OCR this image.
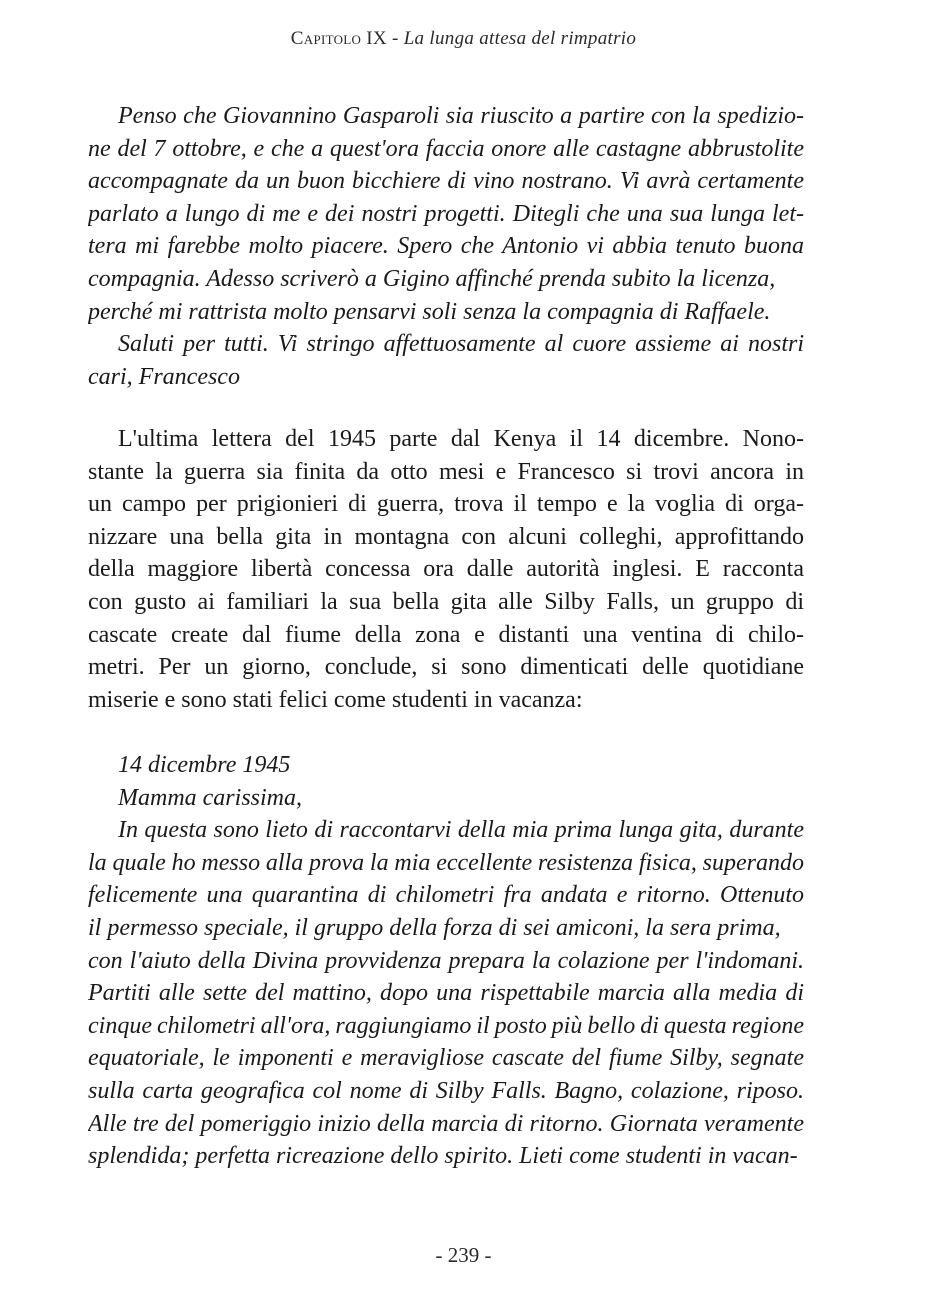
Capitolo IX - La lunga attesa del rimpatrio
Penso che Giovannino Gasparoli sia riuscito a partire con la spedizio-
ne del 7 ottobre, e che a quest'ora faccia onore alle castagne abbrustolite
accompagnate da un buon bicchiere di vino nostrano. Vi avrà certamente
parlato a lungo di me e dei nostri progetti. Ditegli che una sua lunga let-
tera mi farebbe molto piacere. Spero che Antonio vi abbia tenuto buona
compagnia. Adesso scriverò a Gigino affinché prenda subito la licenza,
perché mi rattrista molto pensarvi soli senza la compagnia di Raffaele.
Saluti per tutti. Vi stringo affettuosamente al cuore assieme ai nostri
cari, Francesco
L'ultima lettera del 1945 parte dal Kenya il 14 dicembre. Nono-
stante la guerra sia finita da otto mesi e Francesco si trovi ancora in
un campo per prigionieri di guerra, trova il tempo e la voglia di orga-
nizzare una bella gita in montagna con alcuni colleghi, approfittando
della maggiore libertà concessa ora dalle autorità inglesi. E racconta
con gusto ai familiari la sua bella gita alle Silby Falls, un gruppo di
cascate create dal fiume della zona e distanti una ventina di chilo-
metri. Per un giorno, conclude, si sono dimenticati delle quotidiane
miserie e sono stati felici come studenti in vacanza:
14 dicembre 1945
Mamma carissima,
In questa sono lieto di raccontarvi della mia prima lunga gita, durante
la quale ho messo alla prova la mia eccellente resistenza fisica, superando
felicemente una quarantina di chilometri fra andata e ritorno. Ottenuto
il permesso speciale, il gruppo della forza di sei amiconi, la sera prima,
con l'aiuto della Divina provvidenza prepara la colazione per l'indomani.
Partiti alle sette del mattino, dopo una rispettabile marcia alla media di
cinque chilometri all'ora, raggiungiamo il posto più bello di questa regione
equatoriale, le imponenti e meravigliose cascate del fiume Silby, segnate
sulla carta geografica col nome di Silby Falls. Bagno, colazione, riposo.
Alle tre del pomeriggio inizio della marcia di ritorno. Giornata veramente
splendida; perfetta ricreazione dello spirito. Lieti come studenti in vacan-
- 239 -
